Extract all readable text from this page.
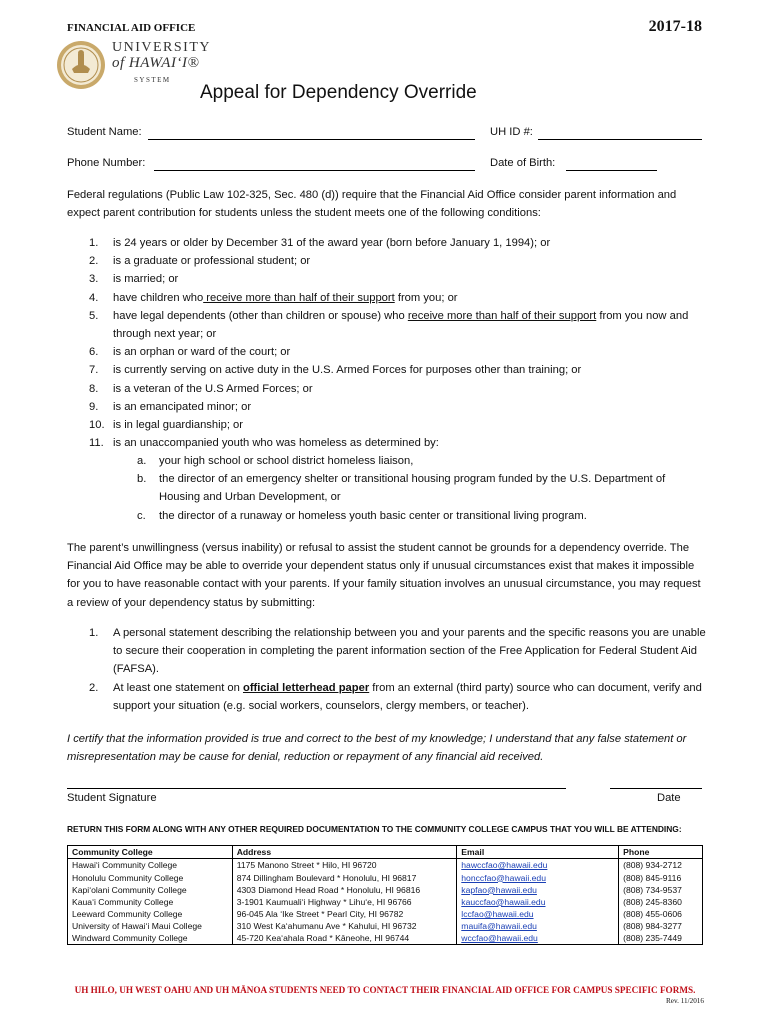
FINANCIAL AID OFFICE	2017-18
UNIVERSITY
of HAWAI‘I®
SYSTEM
Appeal for Dependency Override
Student Name:	UH ID #:
Phone Number:	Date of Birth:
Federal regulations (Public Law 102-325, Sec. 480 (d)) require that the Financial Aid Office consider parent information and expect parent contribution for students unless the student meets one of the following conditions:
1. is 24 years or older by December 31 of the award year (born before January 1, 1994); or
2. is a graduate or professional student; or
3. is married; or
4. have children who receive more than half of their support from you; or
5. have legal dependents (other than children or spouse) who receive more than half of their support from you now and through next year; or
6. is an orphan or ward of the court; or
7. is currently serving on active duty in the U.S. Armed Forces for purposes other than training; or
8. is a veteran of the U.S Armed Forces; or
9. is an emancipated minor; or
10. is in legal guardianship; or
11. is an unaccompanied youth who was homeless as determined by:
a. your high school or school district homeless liaison,
b. the director of an emergency shelter or transitional housing program funded by the U.S. Department of Housing and Urban Development, or
c. the director of a runaway or homeless youth basic center or transitional living program.
The parent’s unwillingness (versus inability) or refusal to assist the student cannot be grounds for a dependency override. The Financial Aid Office may be able to override your dependent status only if unusual circumstances exist that makes it impossible for you to have reasonable contact with your parents. If your family situation involves an unusual circumstance, you may request a review of your dependency status by submitting:
1. A personal statement describing the relationship between you and your parents and the specific reasons you are unable to secure their cooperation in completing the parent information section of the Free Application for Federal Student Aid (FAFSA).
2. At least one statement on official letterhead paper from an external (third party) source who can document, verify and support your situation (e.g. social workers, counselors, clergy members, or teacher).
I certify that the information provided is true and correct to the best of my knowledge; I understand that any false statement or misrepresentation may be cause for denial, reduction or repayment of any financial aid received.
Student Signature	Date
RETURN THIS FORM ALONG WITH ANY OTHER REQUIRED DOCUMENTATION TO THE COMMUNITY COLLEGE CAMPUS THAT YOU WILL BE ATTENDING:
Community College	Address	Email	Phone
Hawai‘i Community College	1175 Manono Street * Hilo, HI 96720	hawccfao@hawaii.edu	(808) 934-2712
Honolulu Community College	874 Dillingham Boulevard * Honolulu, HI 96817	honccfao@hawaii.edu	(808) 845-9116
Kapi‘olani Community College	4303 Diamond Head Road * Honolulu, HI 96816	kapfao@hawaii.edu	(808) 734-9537
Kaua‘i Community College	3-1901 Kaumuali‘i Highway * Lihu‘e, HI 96766	kauccfao@hawaii.edu	(808) 245-8360
Leeward Community College	96-045 Ala ‘Ike Street * Pearl City, HI 96782	lccfao@hawaii.edu	(808) 455-0606
University of Hawai‘i Maui College	310 West Ka‘ahumanu Ave * Kahului, HI 96732	mauifa@hawaii.edu	(808) 984-3277
Windward Community College	45-720 Kea‘ahala Road * Kāneohe, HI 96744	wccfao@hawaii.edu	(808) 235-7449
UH HILO, UH WEST OAHU AND UH MĀNOA STUDENTS NEED TO CONTACT THEIR FINANCIAL AID OFFICE FOR CAMPUS SPECIFIC FORMS.
Rev. 11/2016
